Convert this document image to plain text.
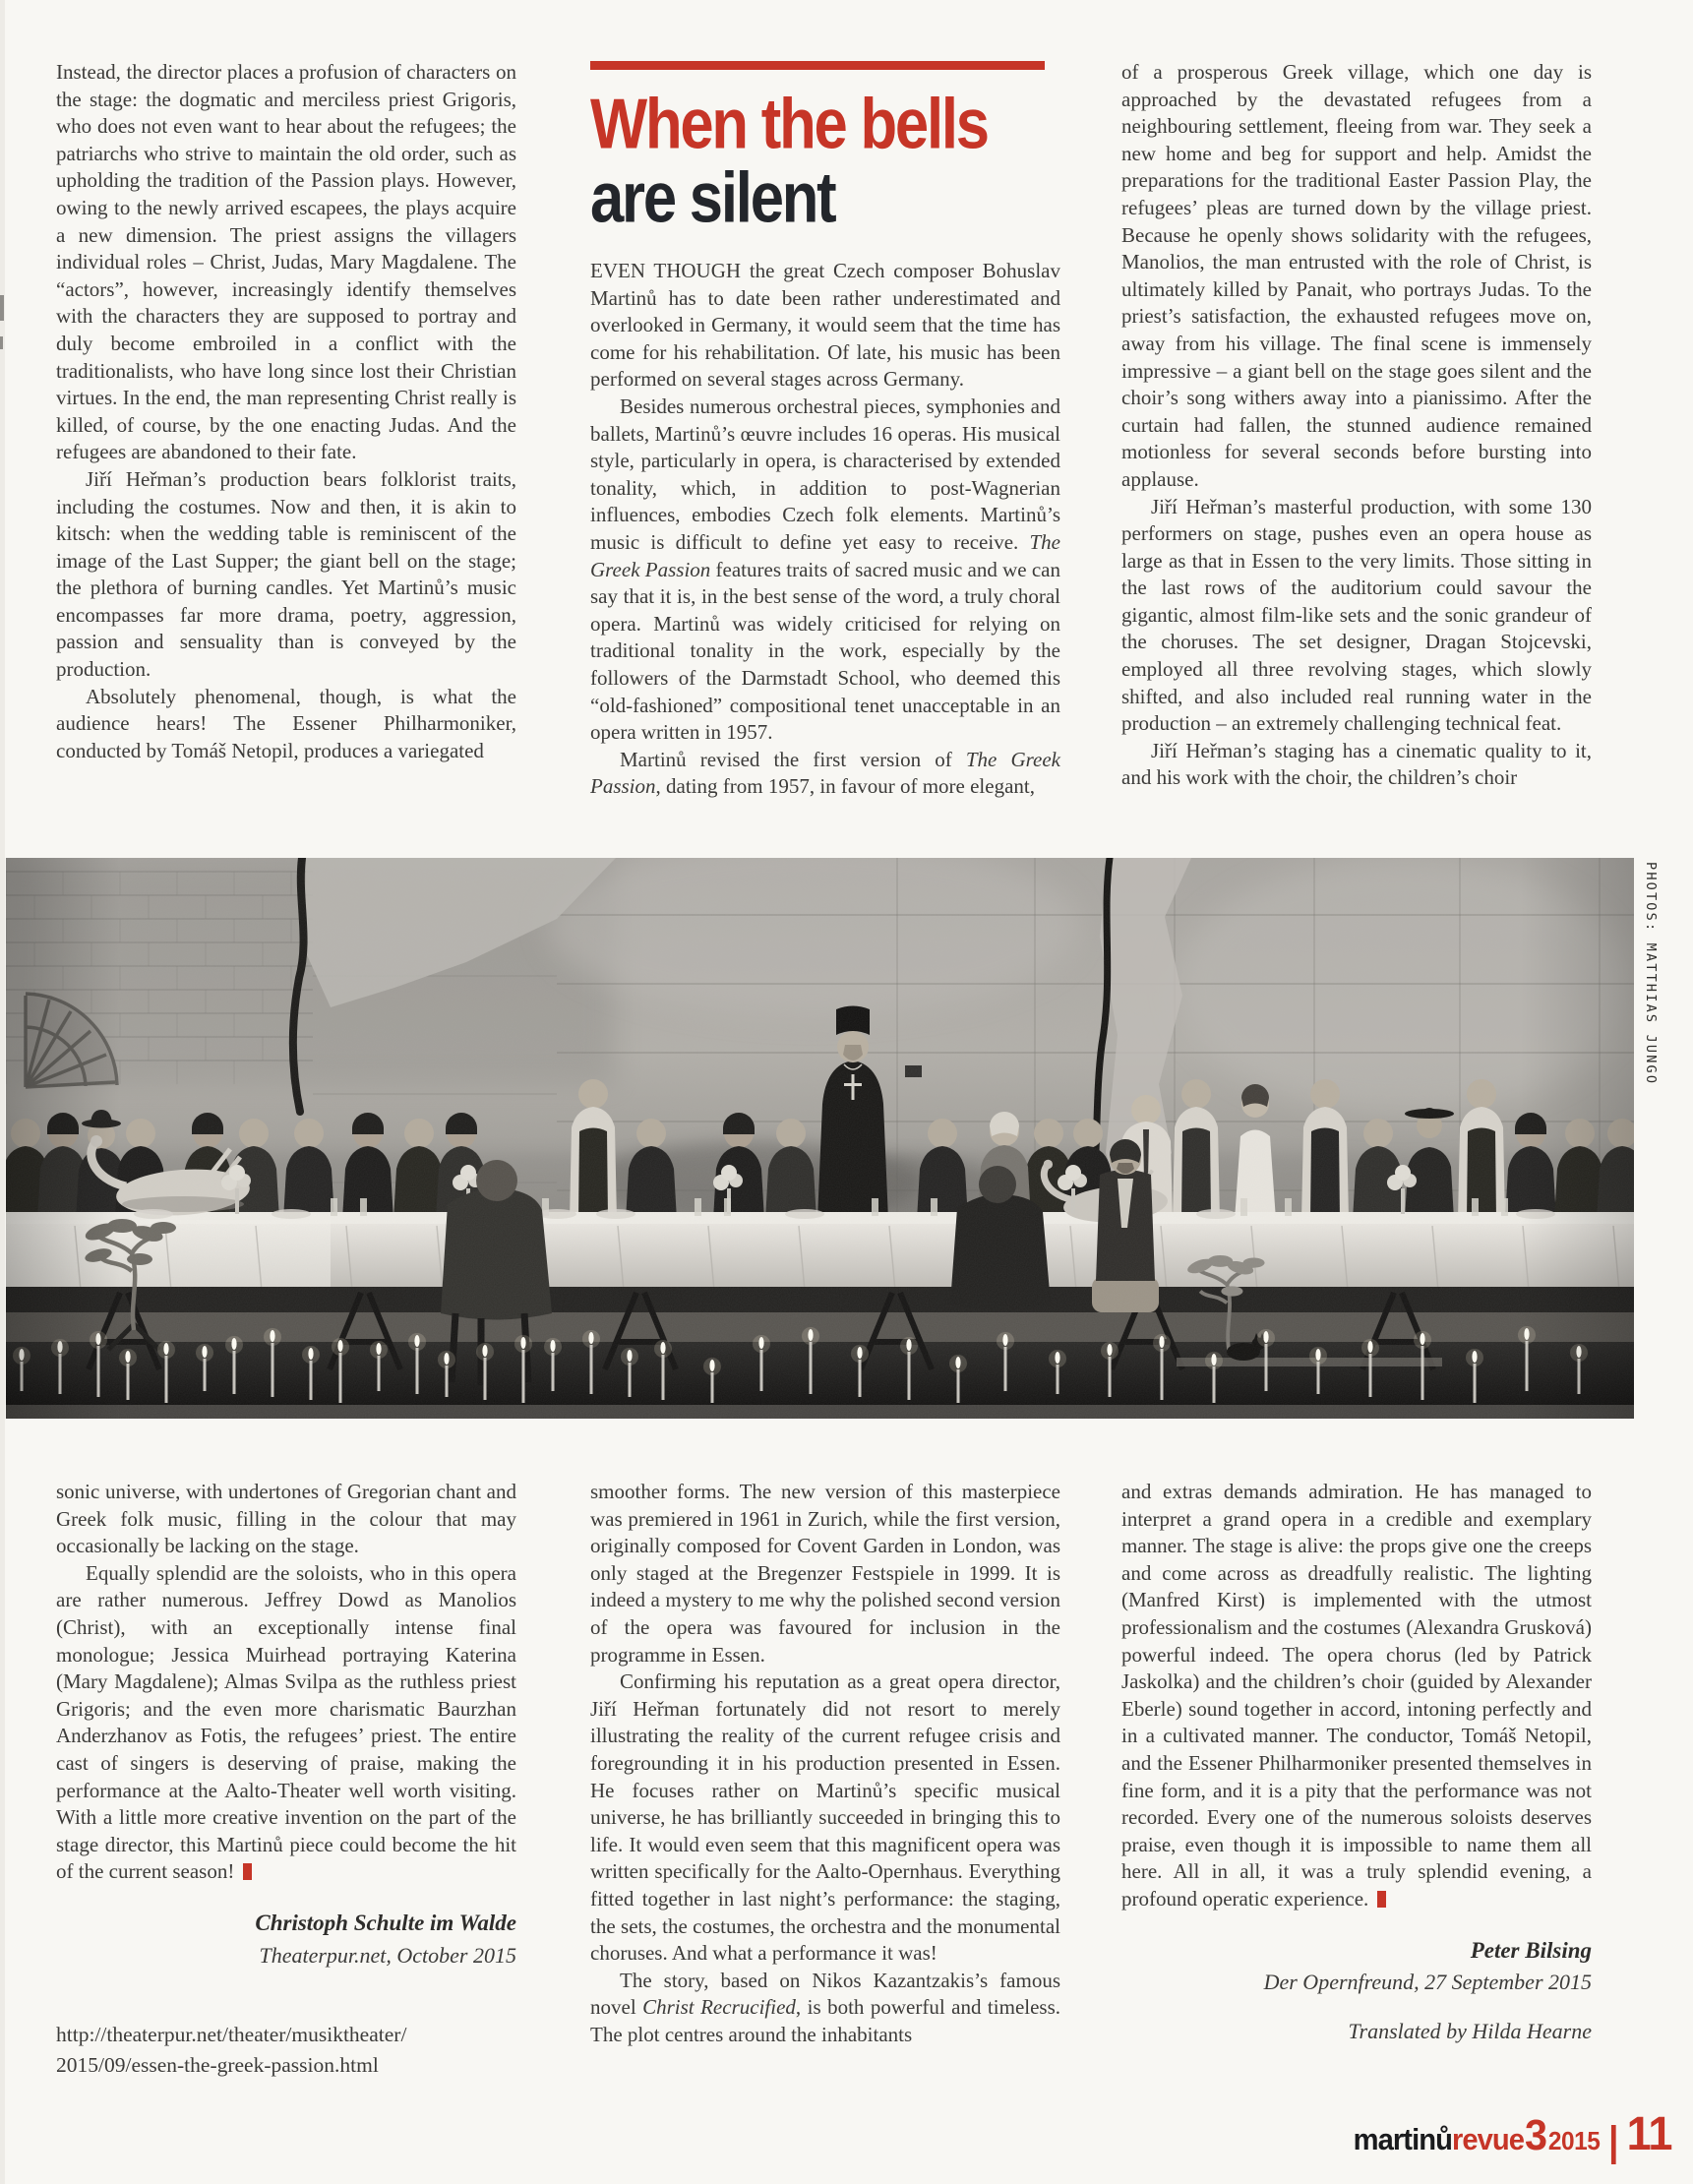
Instead, the director places a profusion of characters on the stage: the dogmatic and merciless priest Grigoris, who does not even want to hear about the refugees; the patriarchs who strive to maintain the old order, such as upholding the tradition of the Passion plays. However, owing to the newly arrived escapees, the plays acquire a new dimension. The priest assigns the villagers individual roles – Christ, Judas, Mary Magdalene. The “actors”, however, increasingly identify themselves with the characters they are supposed to portray and duly become embroiled in a conflict with the traditionalists, who have long since lost their Christian virtues. In the end, the man representing Christ really is killed, of course, by the one enacting Judas. And the refugees are abandoned to their fate.

Jiří Heřman’s production bears folklorist traits, including the costumes. Now and then, it is akin to kitsch: when the wedding table is reminiscent of the image of the Last Supper; the giant bell on the stage; the plethora of burning candles. Yet Martinů’s music encompasses far more drama, poetry, aggression, passion and sensuality than is conveyed by the production.

Absolutely phenomenal, though, is what the audience hears! The Essener Philharmoniker, conducted by Tomáš Netopil, produces a variegated

When the bells
are silent

EVEN THOUGH the great Czech composer Bohuslav Martinů has to date been rather underestimated and overlooked in Germany, it would seem that the time has come for his rehabilitation. Of late, his music has been performed on several stages across Germany.

Besides numerous orchestral pieces, symphonies and ballets, Martinů’s œuvre includes 16 operas. His musical style, particularly in opera, is characterised by extended tonality, which, in addition to post-Wagnerian influences, embodies Czech folk elements. Martinů’s music is difficult to define yet easy to receive. The Greek Passion features traits of sacred music and we can say that it is, in the best sense of the word, a truly choral opera. Martinů was widely criticised for relying on traditional tonality in the work, especially by the followers of the Darmstadt School, who deemed this “old-fashioned” compositional tenet unacceptable in an opera written in 1957.

Martinů revised the first version of The Greek Passion, dating from 1957, in favour of more elegant,

of a prosperous Greek village, which one day is approached by the devastated refugees from a neighbouring settlement, fleeing from war. They seek a new home and beg for support and help. Amidst the preparations for the traditional Easter Passion Play, the refugees’ pleas are turned down by the village priest. Because he openly shows solidarity with the refugees, Manolios, the man entrusted with the role of Christ, is ultimately killed by Panait, who portrays Judas. To the priest’s satisfaction, the exhausted refugees move on, away from his village. The final scene is immensely impressive – a giant bell on the stage goes silent and the choir’s song withers away into a pianissimo. After the curtain had fallen, the stunned audience remained motionless for several seconds before bursting into applause.

Jiří Heřman’s masterful production, with some 130 performers on stage, pushes even an opera house as large as that in Essen to the very limits. Those sitting in the last rows of the auditorium could savour the gigantic, almost film-like sets and the sonic grandeur of the choruses. The set designer, Dragan Stojcevski, employed all three revolving stages, which slowly shifted, and also included real running water in the production – an extremely challenging technical feat.

Jiří Heřman’s staging has a cinematic quality to it, and his work with the choir, the children’s choir

PHOTOS: MATTHIAS JUNGO

sonic universe, with undertones of Gregorian chant and Greek folk music, filling in the colour that may occasionally be lacking on the stage.

Equally splendid are the soloists, who in this opera are rather numerous. Jeffrey Dowd as Manolios (Christ), with an exceptionally intense final monologue; Jessica Muirhead portraying Katerina (Mary Magdalene); Almas Svilpa as the ruthless priest Grigoris; and the even more charismatic Baurzhan Anderzhanov as Fotis, the refugees’ priest. The entire cast of singers is deserving of praise, making the performance at the Aalto-Theater well worth visiting. With a little more creative invention on the part of the stage director, this Martinů piece could become the hit of the current season!

Christoph Schulte im Walde
Theaterpur.net, October 2015
http://theaterpur.net/theater/musiktheater/
2015/09/essen-the-greek-passion.html

smoother forms. The new version of this masterpiece was premiered in 1961 in Zurich, while the first version, originally composed for Covent Garden in London, was only staged at the Bregenzer Festspiele in 1999. It is indeed a mystery to me why the polished second version of the opera was favoured for inclusion in the programme in Essen.

Confirming his reputation as a great opera director, Jiří Heřman fortunately did not resort to merely illustrating the reality of the current refugee crisis and foregrounding it in his production presented in Essen. He focuses rather on Martinů’s specific musical universe, he has brilliantly succeeded in bringing this to life. It would even seem that this magnificent opera was written specifically for the Aalto-Opernhaus. Everything fitted together in last night’s performance: the staging, the sets, the costumes, the orchestra and the monumental choruses. And what a performance it was!

The story, based on Nikos Kazantzakis’s famous novel Christ Recrucified, is both powerful and timeless. The plot centres around the inhabitants

and extras demands admiration. He has managed to interpret a grand opera in a credible and exemplary manner. The stage is alive: the props give one the creeps and come across as dreadfully realistic. The lighting (Manfred Kirst) is implemented with the utmost professionalism and the costumes (Alexandra Grusková) powerful indeed. The opera chorus (led by Patrick Jaskolka) and the children’s choir (guided by Alexander Eberle) sound together in accord, intoning perfectly and in a cultivated manner. The conductor, Tomáš Netopil, and the Essener Philharmoniker presented themselves in fine form, and it is a pity that the performance was not recorded. Every one of the numerous soloists deserves praise, even though it is impossible to name them all here. All in all, it was a truly splendid evening, a profound operatic experience.

Peter Bilsing
Der Opernfreund, 27 September 2015
Translated by Hilda Hearne
martinů revue 3 2015 11
